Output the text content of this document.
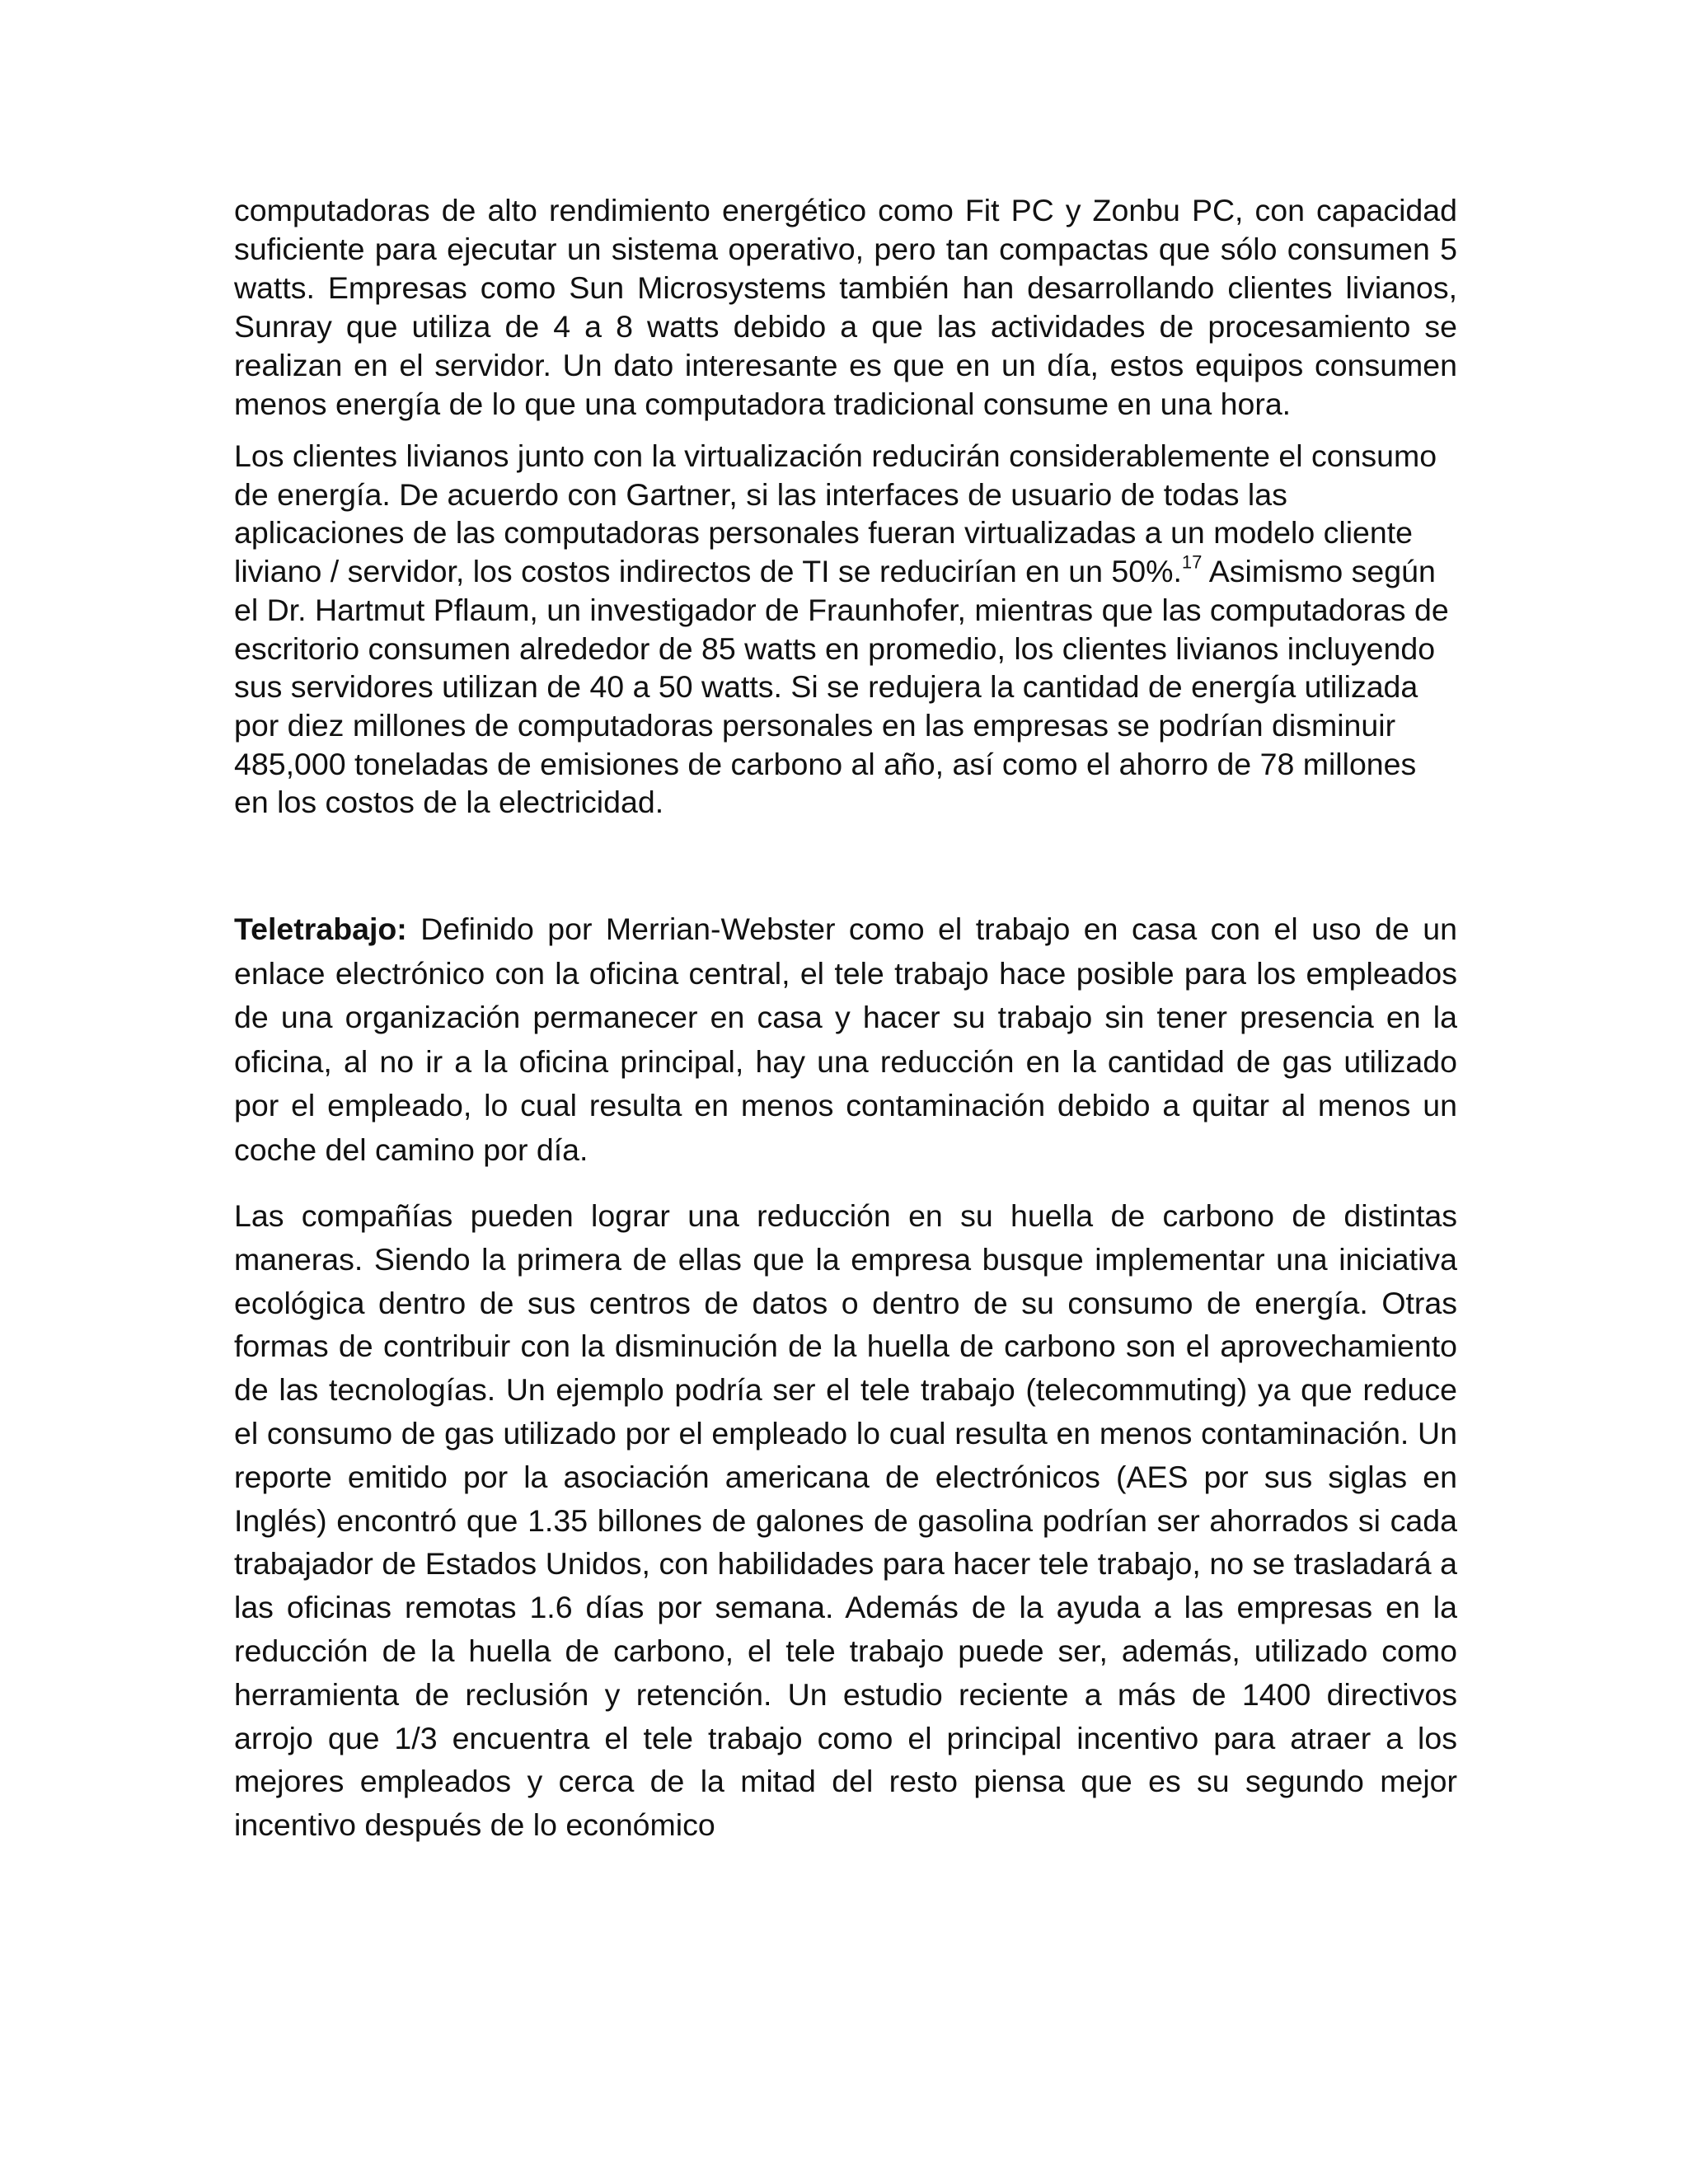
computadoras de alto rendimiento energético como Fit PC y Zonbu PC, con capacidad suficiente para ejecutar un sistema operativo, pero tan compactas que sólo consumen 5 watts. Empresas como Sun Microsystems también han desarrollando clientes livianos, Sunray que utiliza de 4 a 8 watts debido a que las actividades de procesamiento se realizan en el servidor. Un dato interesante es que en un día, estos equipos consumen menos energía de lo que una computadora tradicional consume en una hora.

Los clientes livianos junto con la virtualización reducirán considerablemente el consumo de energía. De acuerdo con Gartner, si las interfaces de usuario de todas las aplicaciones de las computadoras personales fueran virtualizadas a un modelo cliente liviano / servidor, los costos indirectos de TI se reducirían en un 50%.$^{17}$ Asimismo según el Dr. Hartmut Pflaum, un investigador de Fraunhofer, mientras que las computadoras de escritorio consumen alrededor de 85 watts en promedio, los clientes livianos incluyendo sus servidores utilizan de 40 a 50 watts. Si se redujera la cantidad de energía utilizada por diez millones de computadoras personales en las empresas se podrían disminuir 485,000 toneladas de emisiones de carbono al año, así como el ahorro de 78 millones en los costos de la electricidad.

Teletrabajo: Definido por Merrian-Webster como el trabajo en casa con el uso de un enlace electrónico con la oficina central, el tele trabajo hace posible para los empleados de una organización permanecer en casa y hacer su trabajo sin tener presencia en la oficina, al no ir a la oficina principal, hay una reducción en la cantidad de gas utilizado por el empleado, lo cual resulta en menos contaminación debido a quitar al menos un coche del camino por día.

Las compañías pueden lograr una reducción en su huella de carbono de distintas maneras. Siendo la primera de ellas que la empresa busque implementar una iniciativa ecológica dentro de sus centros de datos o dentro de su consumo de energía. Otras formas de contribuir con la disminución de la huella de carbono son el aprovechamiento de las tecnologías. Un ejemplo podría ser el tele trabajo (telecommuting) ya que reduce el consumo de gas utilizado por el empleado lo cual resulta en menos contaminación. Un reporte emitido por la asociación americana de electrónicos (AES por sus siglas en Inglés) encontró que 1.35 billones de galones de gasolina podrían ser ahorrados si cada trabajador de Estados Unidos, con habilidades para hacer tele trabajo, no se trasladará a las oficinas remotas 1.6 días por semana. Además de la ayuda a las empresas en la reducción de la huella de carbono, el tele trabajo puede ser, además, utilizado como herramienta de reclusión y retención. Un estudio reciente a más de 1400 directivos arrojo que 1/3 encuentra el tele trabajo como el principal incentivo para atraer a los mejores empleados y cerca de la mitad del resto piensa que es su segundo mejor incentivo después de lo económico
